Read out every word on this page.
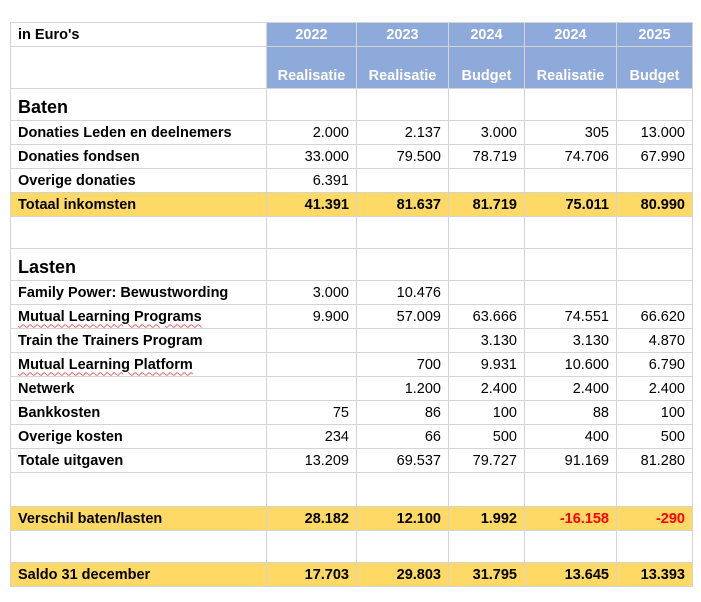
in Euro's	2022	2023	2024	2024	2025
	Realisatie	Realisatie	Budget	Realisatie	Budget
Baten					
Donaties Leden en deelnemers	2.000	2.137	3.000	305	13.000
Donaties fondsen	33.000	79.500	78.719	74.706	67.990
Overige donaties	6.391				
Totaal inkomsten	41.391	81.637	81.719	75.011	80.990

Lasten					
Family Power: Bewustwording	3.000	10.476			
Mutual Learning Programs	9.900	57.009	63.666	74.551	66.620
Train the Trainers Program			3.130	3.130	4.870
Mutual Learning Platform		700	9.931	10.600	6.790
Netwerk		1.200	2.400	2.400	2.400
Bankkosten	75	86	100	88	100
Overige kosten	234	66	500	400	500
Totale uitgaven	13.209	69.537	79.727	91.169	81.280

Verschil baten/lasten	28.182	12.100	1.992	-16.158	-290

Saldo 31 december	17.703	29.803	31.795	13.645	13.393
